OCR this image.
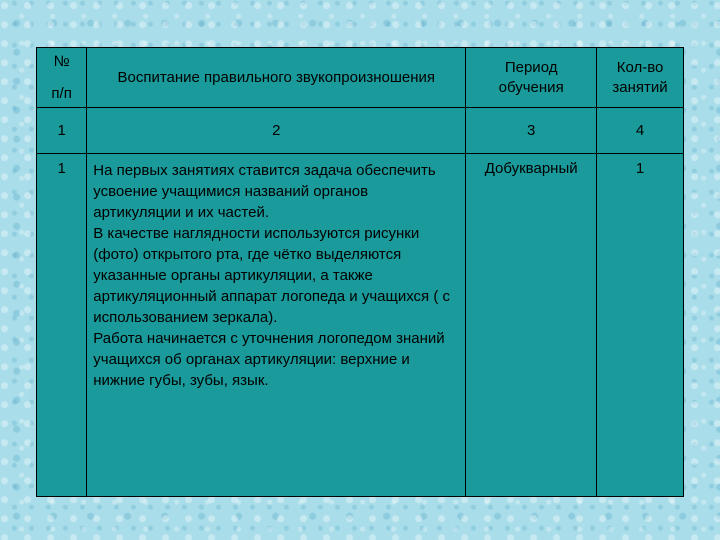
№
п/п	Воспитание правильного звукопроизношения	Период обучения	Кол-во занятий
1	2	3	4
1	На первых занятиях ставится задача обеспечить усвоение учащимися названий органов артикуляции и их частей.

В качестве наглядности используются рисунки (фото) открытого рта, где чётко выделяются указанные органы артикуляции, а также артикуляционный аппарат логопеда и учащихся ( с использованием зеркала).

Работа начинается с уточнения логопедом знаний учащихся об органах артикуляции: верхние и нижние губы, зубы, язык.	Добукварный	1
